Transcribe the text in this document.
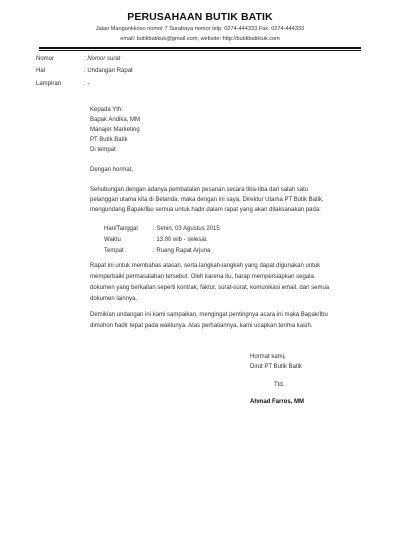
PERUSAHAAN BUTIK BATIK
Jalan Mangankkoso nomor 7 Surabaya nomor telp. 0274-444333 Fax. 0274-444333
email: butikbatikuk@gmail.com, website: http://butikbatiktuk.com
Nomor	: Nomor surat
Hal	: Undangan Rapat
Lampiran	: -
Kepada Yth:
Bapak Andika, MM
Manajer Marketing
PT Butik Batik
Di tempat
Dengan hormat,
Sehubungan dengan adanya pembatalan pesanan secara tiba-tiba dari salah satu
pelanggan utama kita di Belanda, maka dengan ini saya, Direktur Utama PT Butik Batik,
mengundang Bapak/Ibu semua untuk hadir dalam rapat yang akan dilaksanakan pada:
Hari/Tanggal	: Senin, 03 Agustus 2015
Waktu	: 13.00 wib - selesai.
Tempat	: Ruang Rapat Arjuna
Rapat ini untuk membahas alasan, serta langkah-langkah yang dapat digunakan untuk
memperbaiki permasalahan tersebut. Oleh karena itu, harap mempersiapkan segala
dokumen yang berkaitan seperti kontrak, faktur, surat-surat, komunikasi email, dan semua
dokumen lainnya.
Demikian undangan ini kami sampaikan, mengingat pentingnya acara ini maka Bapak/Ibu
dimohon hadir tepat pada waktunya. Atas perhatiannya, kami ucapkan terima kasih.
Hormat kami,
Dirut PT Butik Batik
Ttd.
Ahmad Farros, MM
